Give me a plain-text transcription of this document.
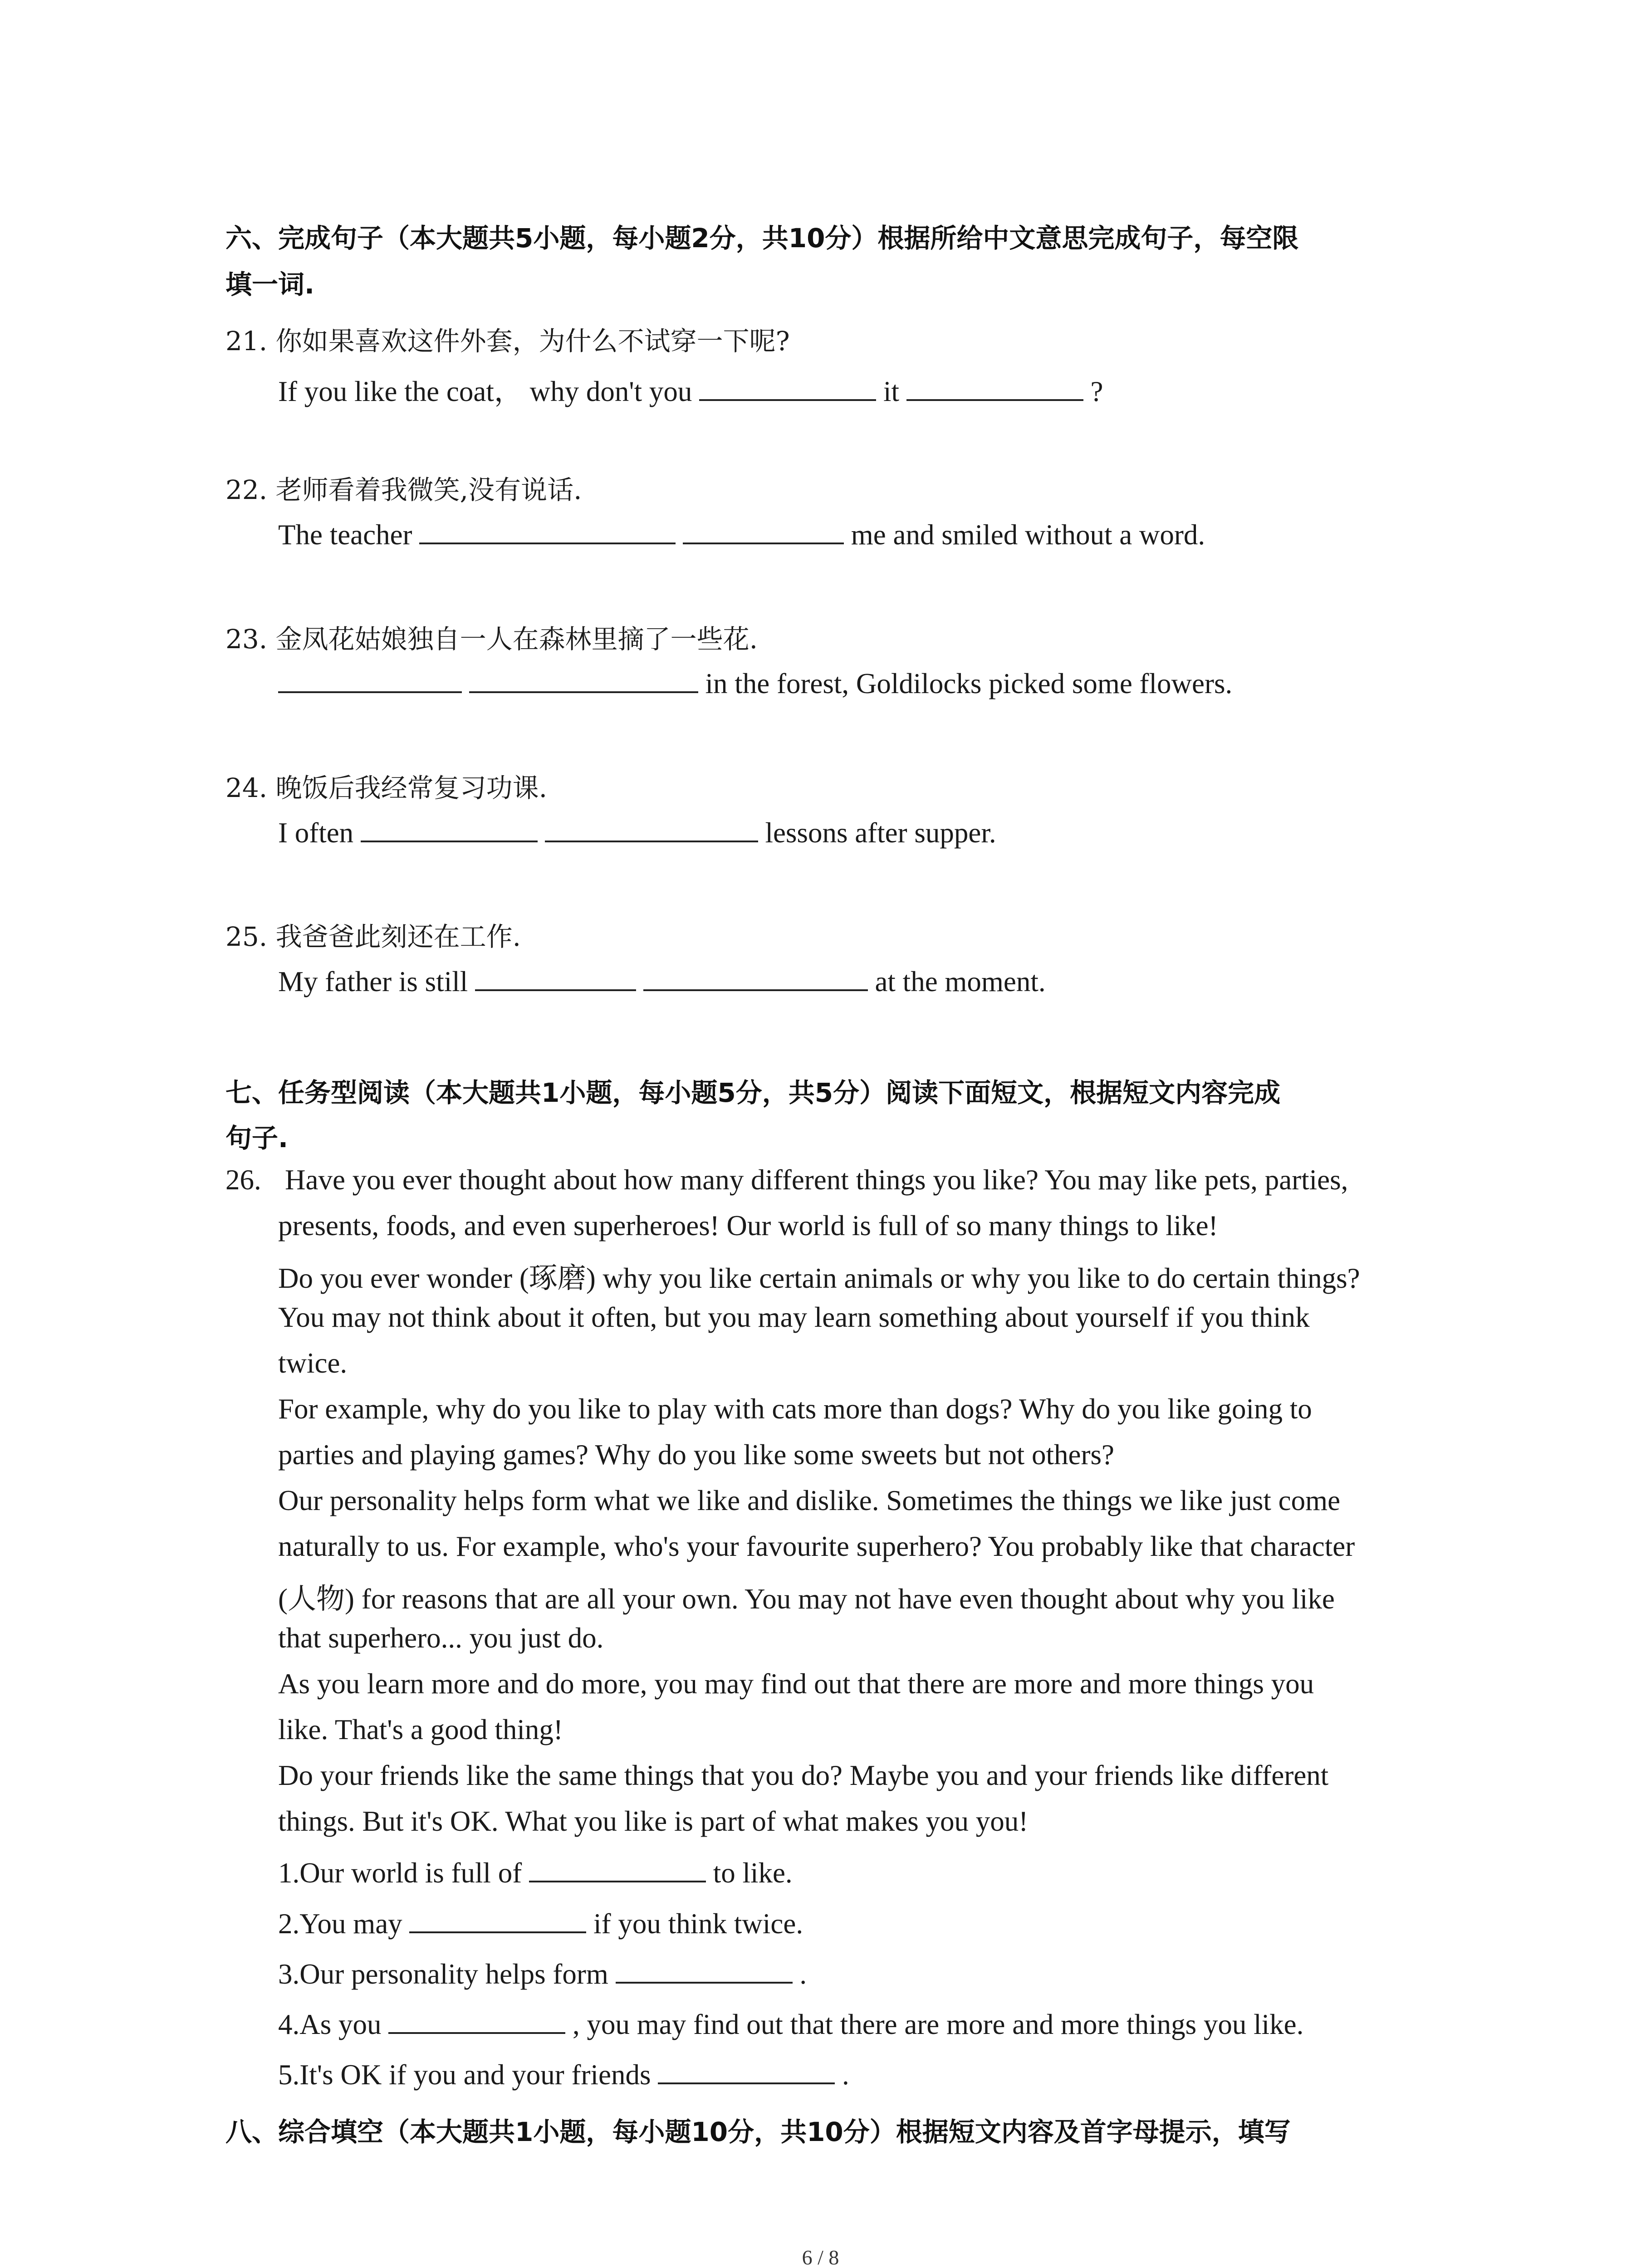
六、完成句子（本大题共5小题，每小题2分，共10分）根据所给中文意思完成句子，每空限
填一词.
21. 你如果喜欢这件外套，为什么不试穿一下呢?
If you like the coat， why don't you	it	?
22. 老师看着我微笑,没有说话.
The teacher	me and smiled without a word.
23. 金凤花姑娘独自一人在森林里摘了一些花.
in the forest, Goldilocks picked some flowers.
24. 晚饭后我经常复习功课.
I often	lessons after supper.
25. 我爸爸此刻还在工作.
My father is still	at the moment.
七、任务型阅读（本大题共1小题，每小题5分，共5分）阅读下面短文，根据短文内容完成
句子.
26. Have you ever thought about how many different things you like? You may like pets, parties,
presents, foods, and even superheroes! Our world is full of so many things to like!
Do you ever wonder (琢磨) why you like certain animals or why you like to do certain things?
You may not think about it often, but you may learn something about yourself if you think
twice.
For example, why do you like to play with cats more than dogs? Why do you like going to
parties and playing games? Why do you like some sweets but not others?
Our personality helps form what we like and dislike. Sometimes the things we like just come
naturally to us. For example, who's your favourite superhero? You probably like that character
(人物) for reasons that are all your own. You may not have even thought about why you like
that superhero... you just do.
As you learn more and do more, you may find out that there are more and more things you
like. That's a good thing!
Do your friends like the same things that you do? Maybe you and your friends like different
things. But it's OK. What you like is part of what makes you you!
1.Our world is full of	to like.
2.You may	if you think twice.
3.Our personality helps form	.
4.As you	, you may find out that there are more and more things you like.
5.It's OK if you and your friends	.
八、综合填空（本大题共1小题，每小题10分，共10分）根据短文内容及首字母提示，填写
6 / 8
